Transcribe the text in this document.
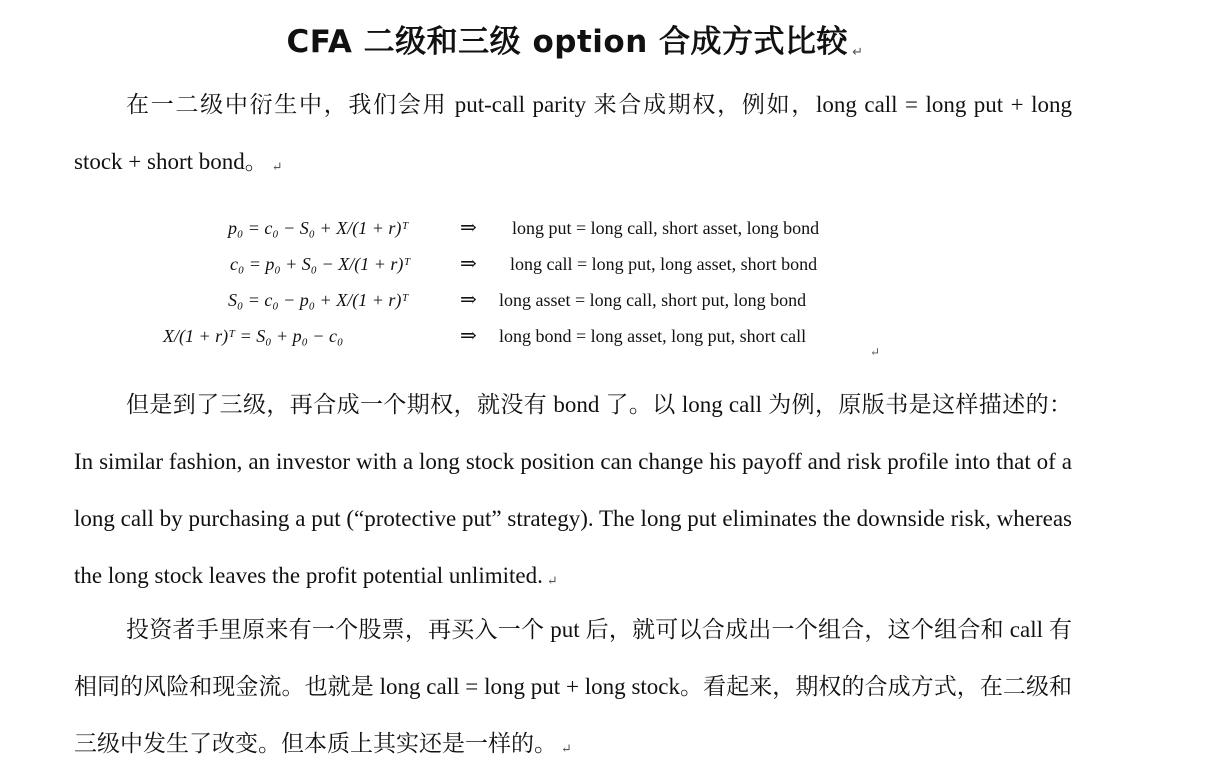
CFA 二级和三级 option 合成方式比较 ↵
在一二级中衍生中，我们会用 put-call parity 来合成期权，例如，long call = long put + long stock + short bond。 ↵
p₀ = c₀ − S₀ + X/(1 + r)ᵀ	⇒ long put = long call, short asset, long bond
c₀ = p₀ + S₀ − X/(1 + r)ᵀ ⇒ long call = long put, long asset, short bond
S₀ = c₀ − p₀ + X/(1 + r)ᵀ	⇒ long asset = long call, short put, long bond
X/(1 + r)ᵀ = S₀ + p₀ − c₀	⇒ long bond = long asset, long put, short call
↵
但是到了三级，再合成一个期权，就没有 bond 了。以 long call 为例，原版书是这样描述的：In similar fashion, an investor with a long stock position can change his payoff and risk profile into that of a long call by purchasing a put (“protective put” strategy). The long put eliminates the downside risk, whereas the long stock leaves the profit potential unlimited. ↵
投资者手里原来有一个股票，再买入一个 put 后，就可以合成出一个组合，这个组合和 call 有相同的风险和现金流。也就是 long call = long put + long stock。看起来，期权的合成方式，在二级和三级中发生了改变。但本质上其实还是一样的。 ↵
